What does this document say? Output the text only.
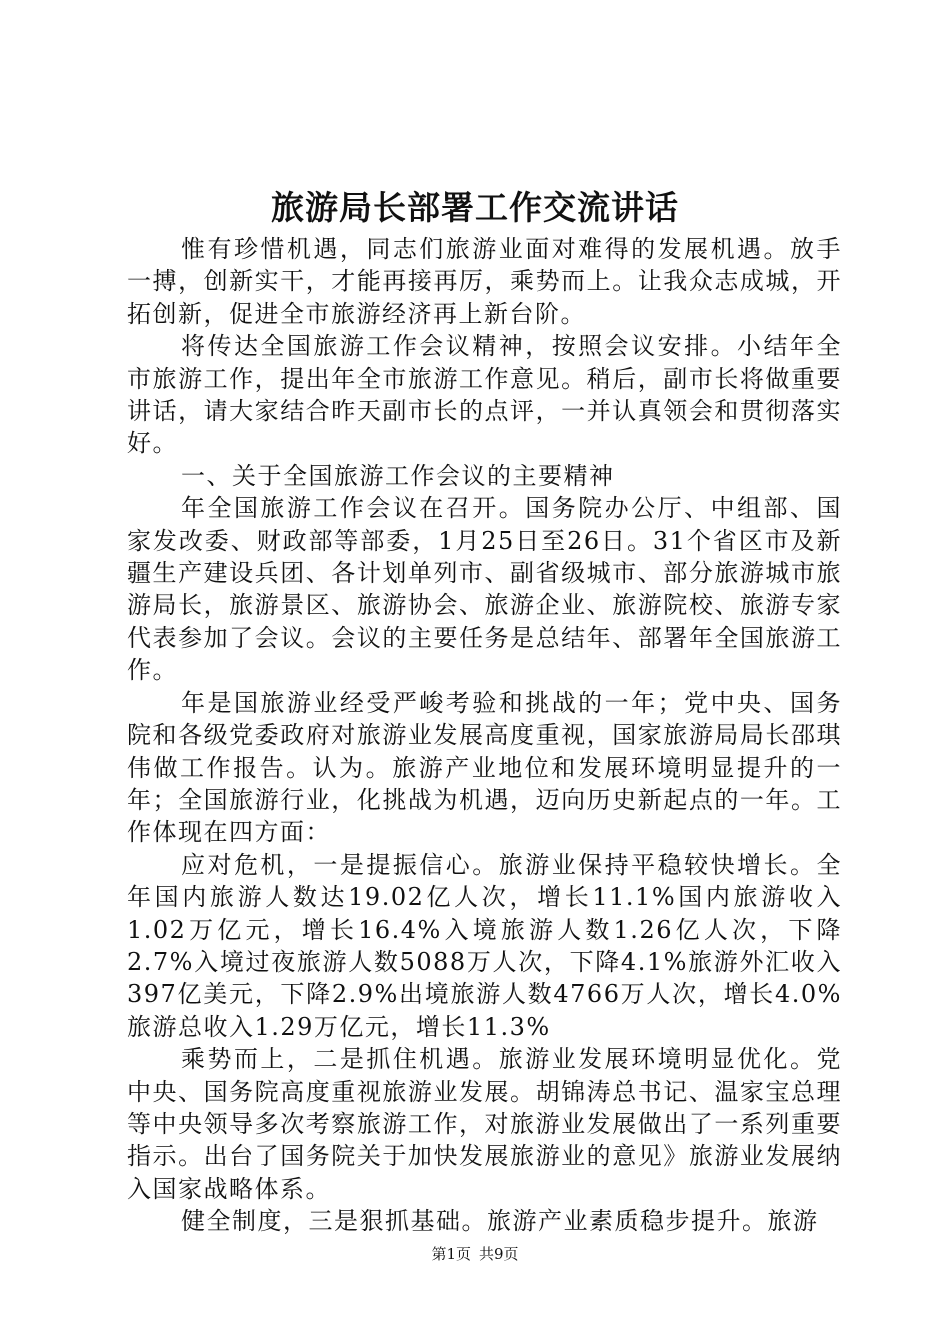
旅游局长部署工作交流讲话

惟有珍惜机遇，同志们旅游业面对难得的发展机遇。放手一搏，创新实干，才能再接再厉，乘势而上。让我众志成城，开拓创新，促进全市旅游经济再上新台阶。

将传达全国旅游工作会议精神，按照会议安排。小结年全市旅游工作，提出年全市旅游工作意见。稍后，副市长将做重要讲话，请大家结合昨天副市长的点评，一并认真领会和贯彻落实好。

一、关于全国旅游工作会议的主要精神

年全国旅游工作会议在召开。国务院办公厅、中组部、国家发改委、财政部等部委，1月25日至26日。31个省区市及新疆生产建设兵团、各计划单列市、副省级城市、部分旅游城市旅游局长，旅游景区、旅游协会、旅游企业、旅游院校、旅游专家代表参加了会议。会议的主要任务是总结年、部署年全国旅游工作。

年是国旅游业经受严峻考验和挑战的一年；党中央、国务院和各级党委政府对旅游业发展高度重视，国家旅游局局长邵琪伟做工作报告。认为。旅游产业地位和发展环境明显提升的一年；全国旅游行业，化挑战为机遇，迈向历史新起点的一年。工作体现在四方面：

应对危机，一是提振信心。旅游业保持平稳较快增长。全年国内旅游人数达19.02亿人次，增长11.1%国内旅游收入1.02万亿元，增长16.4%入境旅游人数1.26亿人次，下降2.7%入境过夜旅游人数5088万人次，下降4.1%旅游外汇收入397亿美元，下降2.9%出境旅游人数4766万人次，增长4.0%旅游总收入1.29万亿元，增长11.3%

乘势而上，二是抓住机遇。旅游业发展环境明显优化。党中央、国务院高度重视旅游业发展。胡锦涛总书记、温家宝总理等中央领导多次考察旅游工作，对旅游业发展做出了一系列重要指示。出台了国务院关于加快发展旅游业的意见》旅游业发展纳入国家战略体系。

健全制度，三是狠抓基础。旅游产业素质稳步提升。旅游

第1页 共9页
